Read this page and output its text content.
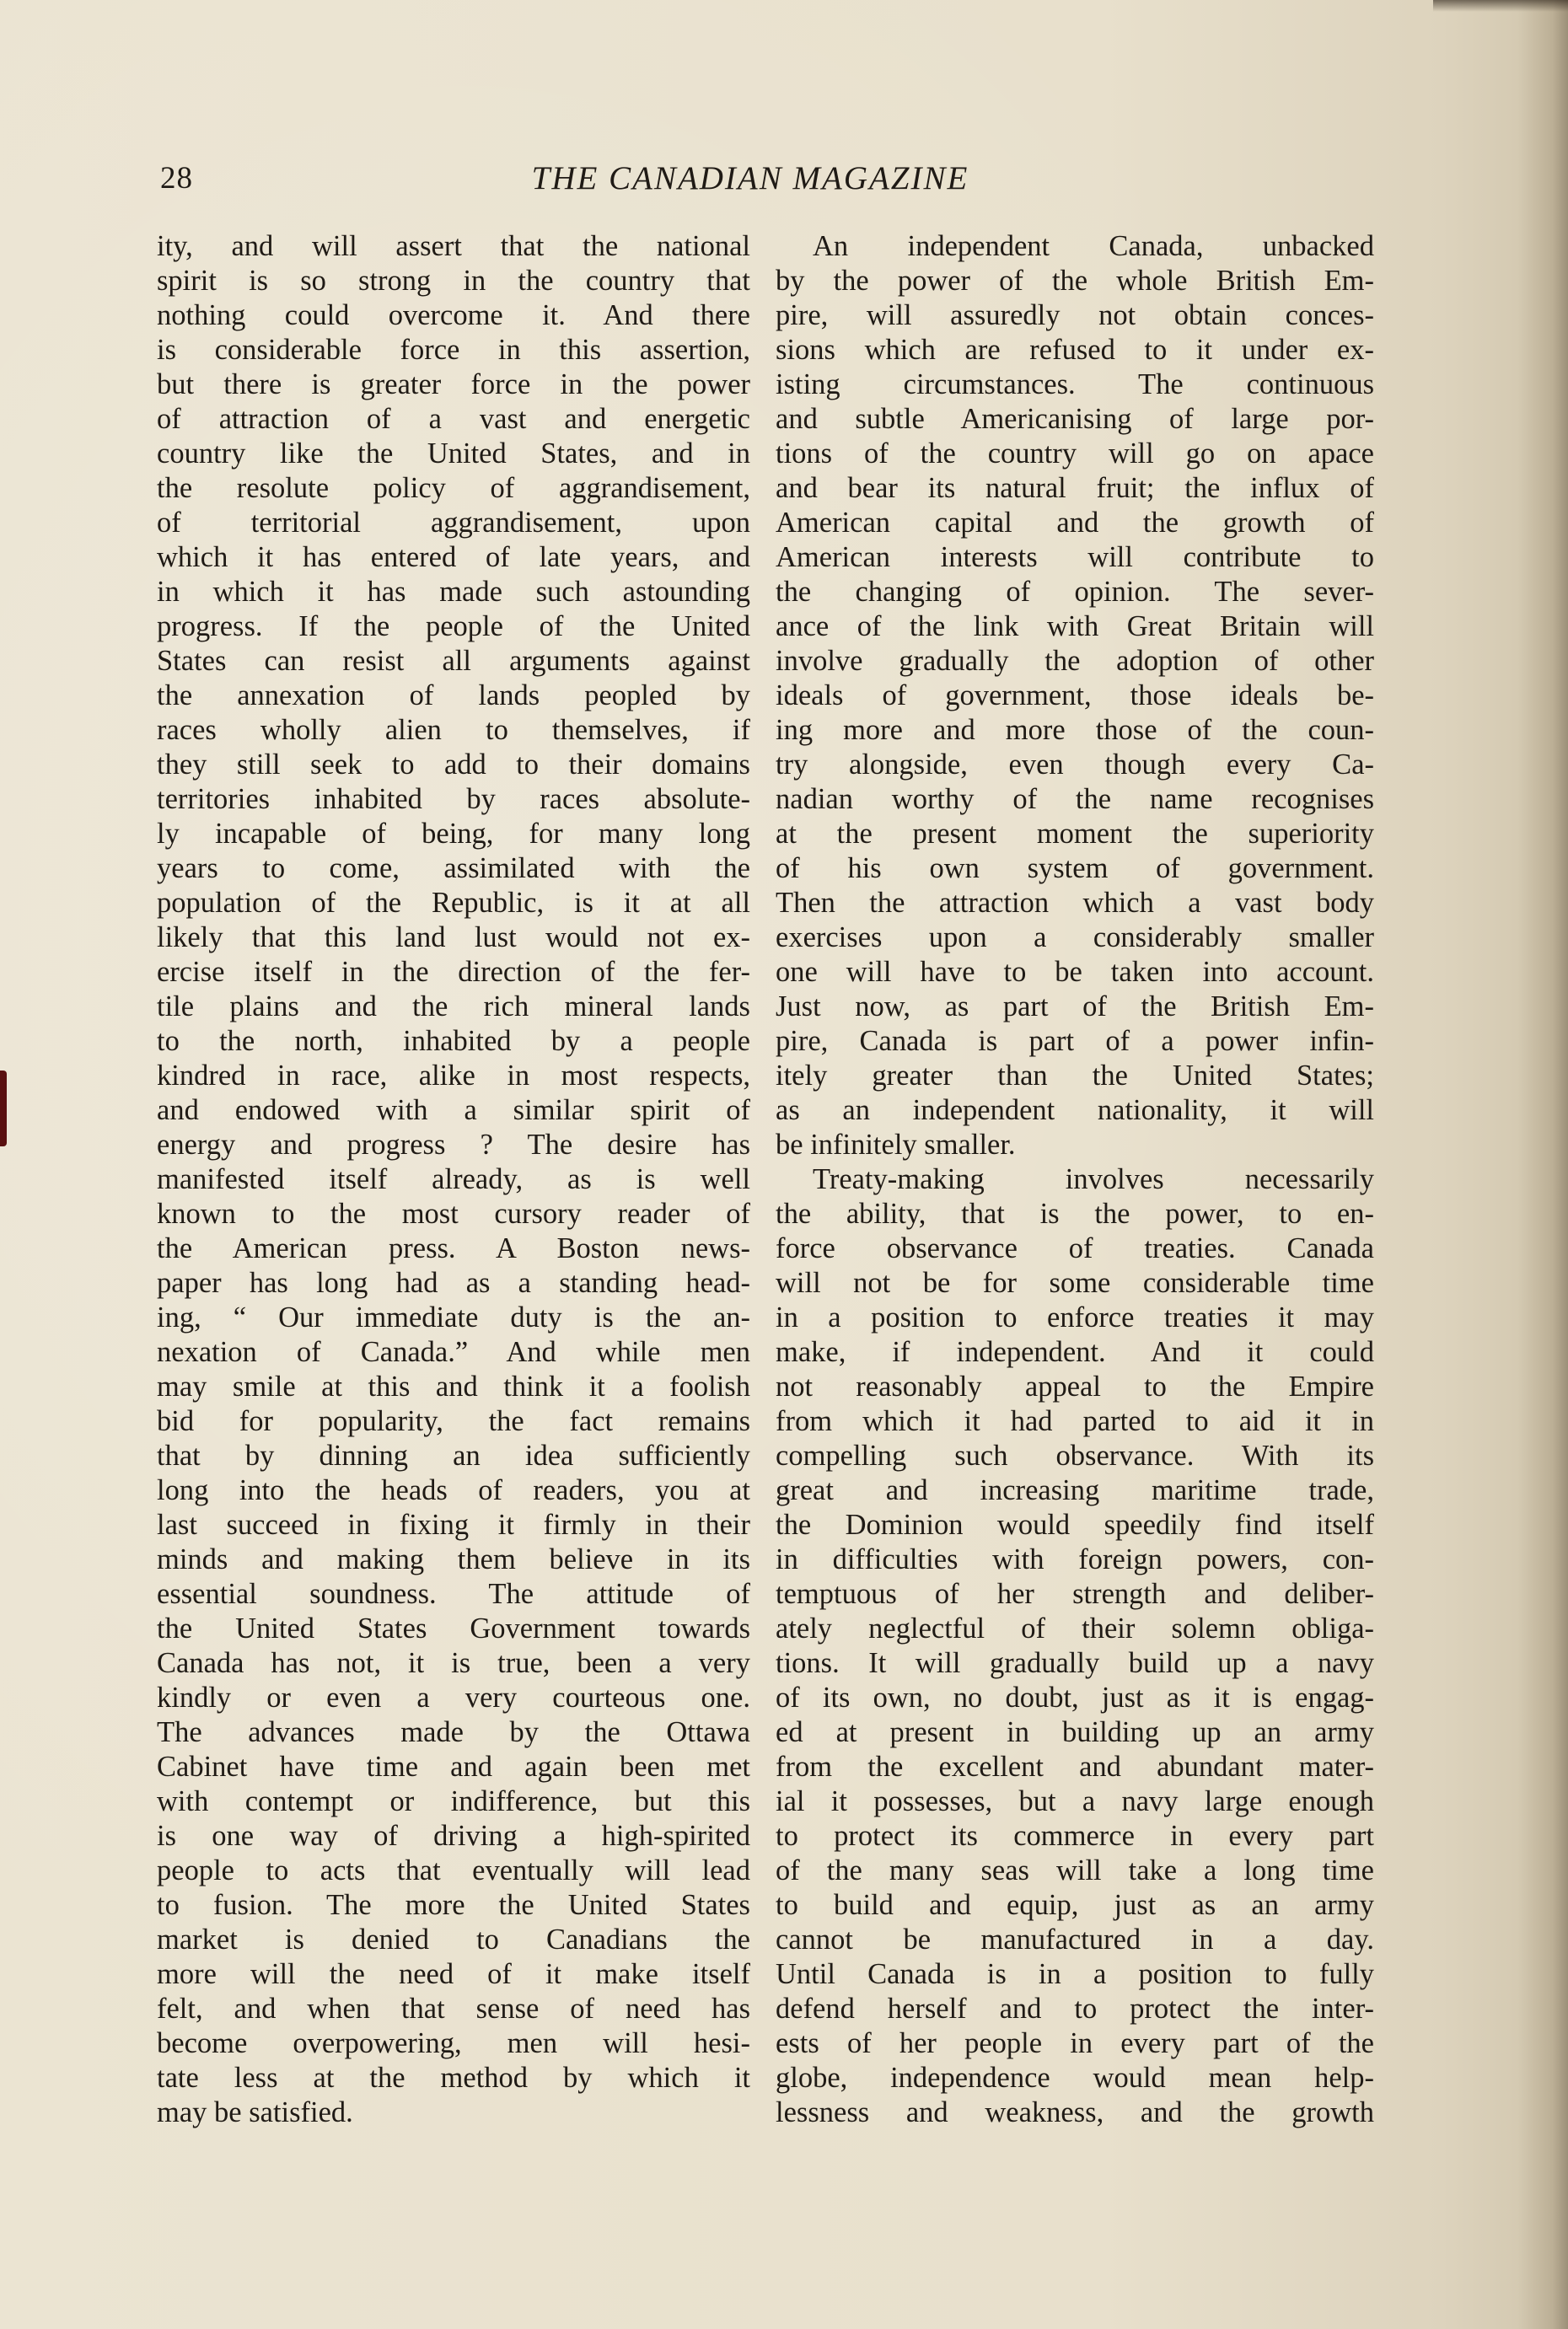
28	THE CANADIAN MAGAZINE
ity, and will assert that the national
spirit is so strong in the country that
nothing could overcome it. And there
is considerable force in this assertion,
but there is greater force in the power
of attraction of a vast and energetic
country like the United States, and in
the resolute policy of aggrandisement,
of territorial aggrandisement, upon
which it has entered of late years, and
in which it has made such astounding
progress. If the people of the United
States can resist all arguments against
the annexation of lands peopled by
races wholly alien to themselves, if
they still seek to add to their domains
territories inhabited by races absolute-
ly incapable of being, for many long
years to come, assimilated with the
population of the Republic, is it at all
likely that this land lust would not ex-
ercise itself in the direction of the fer-
tile plains and the rich mineral lands
to the north, inhabited by a people
kindred in race, alike in most respects,
and endowed with a similar spirit of
energy and progress ? The desire has
manifested itself already, as is well
known to the most cursory reader of
the American press. A Boston news-
paper has long had as a standing head-
ing, “ Our immediate duty is the an-
nexation of Canada.” And while men
may smile at this and think it a foolish
bid for popularity, the fact remains
that by dinning an idea sufficiently
long into the heads of readers, you at
last succeed in fixing it firmly in their
minds and making them believe in its
essential soundness. The attitude of
the United States Government towards
Canada has not, it is true, been a very
kindly or even a very courteous one.
The advances made by the Ottawa
Cabinet have time and again been met
with contempt or indifference, but this
is one way of driving a high-spirited
people to acts that eventually will lead
to fusion. The more the United States
market is denied to Canadians the
more will the need of it make itself
felt, and when that sense of need has
become overpowering, men will hesi-
tate less at the method by which it
may be satisfied.
An independent Canada, unbacked
by the power of the whole British Em-
pire, will assuredly not obtain conces-
sions which are refused to it under ex-
isting circumstances. The continuous
and subtle Americanising of large por-
tions of the country will go on apace
and bear its natural fruit; the influx of
American capital and the growth of
American interests will contribute to
the changing of opinion. The sever-
ance of the link with Great Britain will
involve gradually the adoption of other
ideals of government, those ideals be-
ing more and more those of the coun-
try alongside, even though every Ca-
nadian worthy of the name recognises
at the present moment the superiority
of his own system of government.
Then the attraction which a vast body
exercises upon a considerably smaller
one will have to be taken into account.
Just now, as part of the British Em-
pire, Canada is part of a power infin-
itely greater than the United States;
as an independent nationality, it will
be infinitely smaller.
Treaty-making involves necessarily
the ability, that is the power, to en-
force observance of treaties. Canada
will not be for some considerable time
in a position to enforce treaties it may
make, if independent. And it could
not reasonably appeal to the Empire
from which it had parted to aid it in
compelling such observance. With its
great and increasing maritime trade,
the Dominion would speedily find itself
in difficulties with foreign powers, con-
temptuous of her strength and deliber-
ately neglectful of their solemn obliga-
tions. It will gradually build up a navy
of its own, no doubt, just as it is engag-
ed at present in building up an army
from the excellent and abundant mater-
ial it possesses, but a navy large enough
to protect its commerce in every part
of the many seas will take a long time
to build and equip, just as an army
cannot be manufactured in a day.
Until Canada is in a position to fully
defend herself and to protect the inter-
ests of her people in every part of the
globe, independence would mean help-
lessness and weakness, and the growth
